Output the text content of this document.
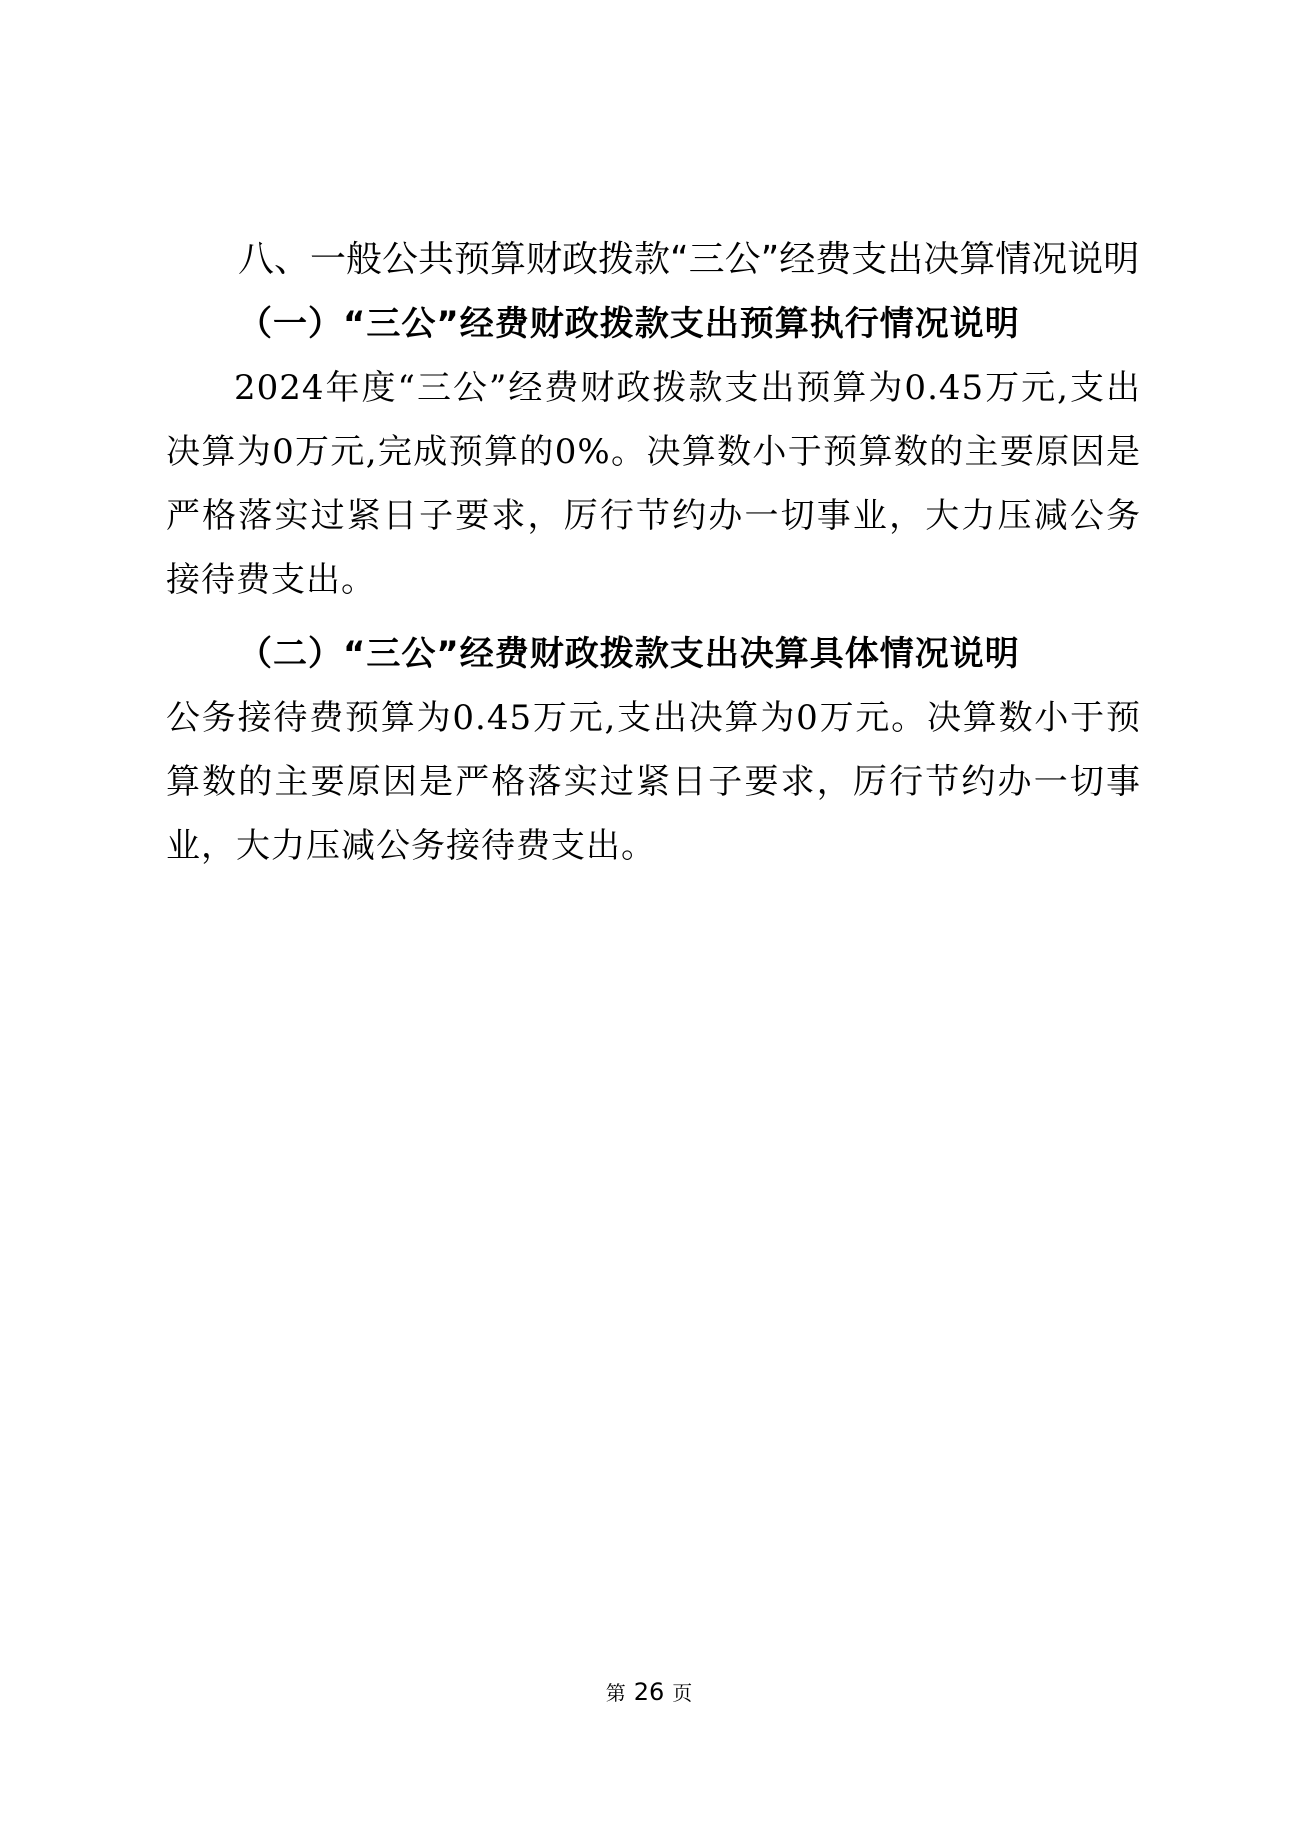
八、一般公共预算财政拨款“三公”经费支出决算情况说明
（一）“三公”经费财政拨款支出预算执行情况说明

2024年度“三公”经费财政拨款支出预算为0.45万元,支出决算为0万元,完成预算的0%。决算数小于预算数的主要原因是严格落实过紧日子要求，厉行节约办一切事业，大力压减公务接待费支出。

（二）“三公”经费财政拨款支出决算具体情况说明

公务接待费预算为0.45万元,支出决算为0万元。决算数小于预算数的主要原因是严格落实过紧日子要求，厉行节约办一切事业，大力压减公务接待费支出。

第 26 页
